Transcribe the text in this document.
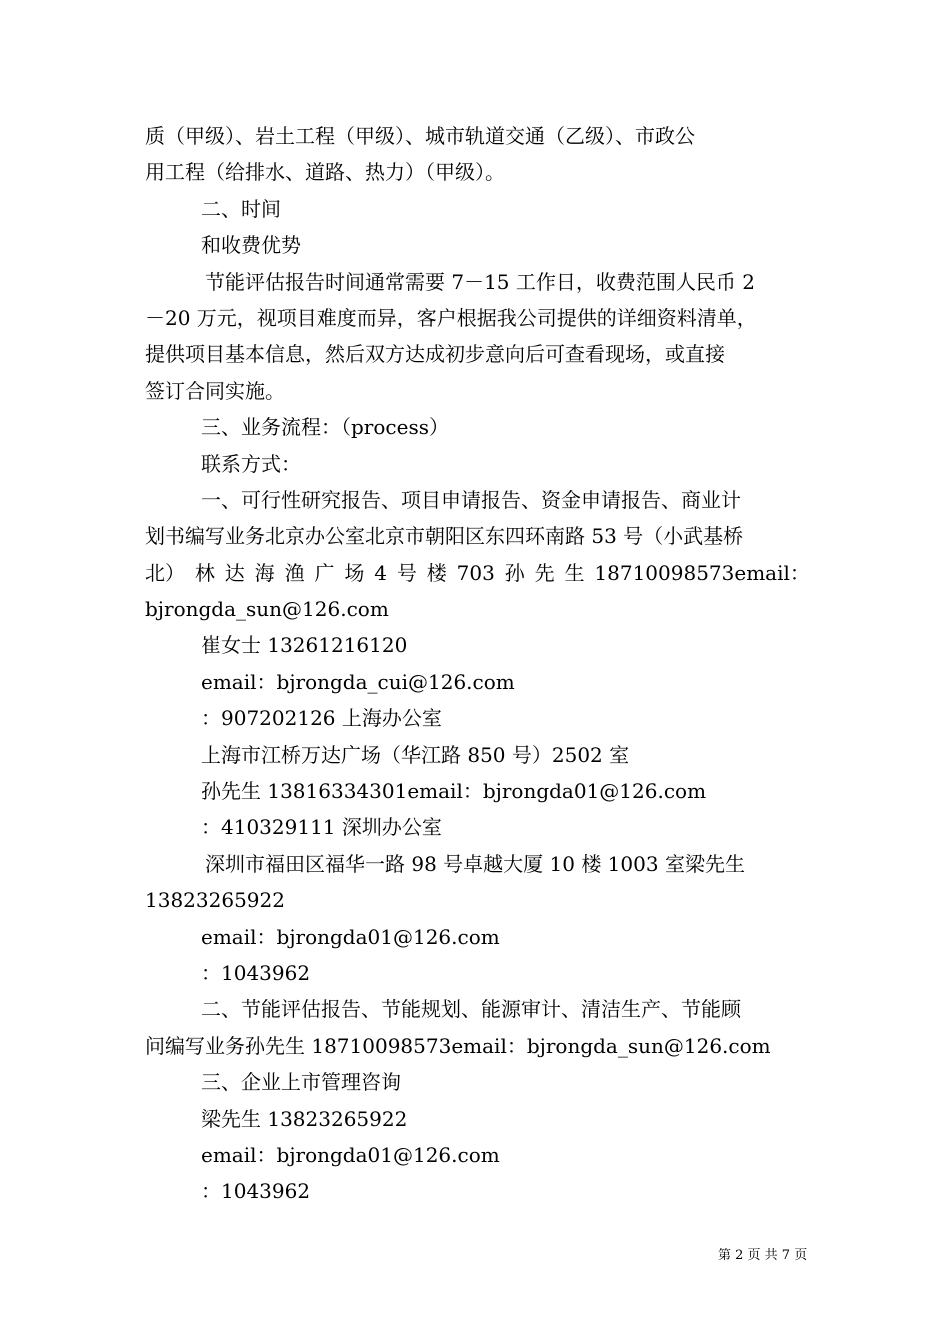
质（甲级）、岩土工程（甲级）、城市轨道交通（乙级）、市政公
用工程（给排水、道路、热力）（甲级）。
二、时间
和收费优势
节能评估报告时间通常需要 7－15 工作日，收费范围人民币 2
－20 万元，视项目难度而异，客户根据我公司提供的详细资料清单，
提供项目基本信息，然后双方达成初步意向后可查看现场，或直接
签订合同实施。
三、业务流程：（process）
联系方式：
一、可行性研究报告、项目申请报告、资金申请报告、商业计
划书编写业务北京办公室北京市朝阳区东四环南路 53 号（小武基桥
北） 林 达 海 渔 广 场 4 号 楼 703 孙 先 生 18710098573email：
bjrongda_sun@126.com
崔女士 13261216120
email：bjrongda_cui@126.com
：907202126 上海办公室
上海市江桥万达广场（华江路 850 号）2502 室
孙先生 13816334301email：bjrongda01@126.com
：410329111 深圳办公室
深圳市福田区福华一路 98 号卓越大厦 10 楼 1003 室梁先生
13823265922
email：bjrongda01@126.com
：1043962
二、节能评估报告、节能规划、能源审计、清洁生产、节能顾
问编写业务孙先生 18710098573email：bjrongda_sun@126.com
三、企业上市管理咨询
梁先生 13823265922
email：bjrongda01@126.com
：1043962
第 2 页 共 7 页
